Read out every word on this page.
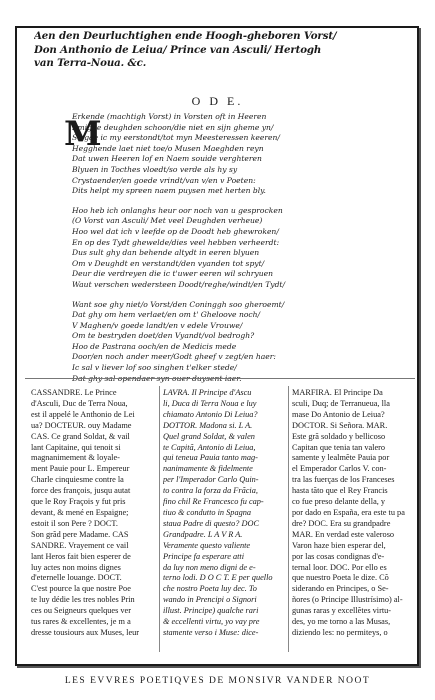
Aen den Deurluchtighen ende Hoogh-gheboren Vorst/
Don Anthonio de Leiua/ Prince van Asculi/ Hertogh
van Terra-Noua. &c.
O D E.
M
Erkende (machtigh Vorst) in Vorsten oft in Heeren
Emighe deughden schoon/die niet en sijn gheme yn/
So gae ic my eerstondt/tot myn Meesteressen keeren/
Hegghende laet niet toe/o Musen Maeghden reyn
Dat uwen Heeren lof en Naem souide verghteren
Blyuen in Tocthes vloedt/so verde als hy sy
Crystaender/en goede vrindt/van v/en v Poeten:
Dits helpt my spreen naem puysen met herten bly.
Hoo heb ich onlanghs heur oor noch van u gesprocken
(O Vorst van Asculi/ Met veel Deughden verheue)
Hoo wel dat ich v leefde op de Doodt heb ghewroken/
En op des Tydt ghewelde/dies veel hebben verheerdt:
Dus sult ghy dan behende altydt in eeren blyuen
Om v Deughdt en verstandt/den vyanden tot spyt/
Deur die verdreyen die ic t'uwer eeren wil schryuen
Waut verschen wedersteen Doodt/reghe/windt/en Tydt/
Want soe ghy niet/o Vorst/den Coninggh soo gheroemt/
Dat ghy om hem verlaet/en om t' Gheloove noch/
V Maghen/v goede landt/en v edele Vrouwe/
Om te bestryden doet/den Vyandt/vol bedrogh?
Hoo de Pastrana ooch/en de Medicis mede
Door/en noch ander meer/Godt gheef v zegt/en haer:
Ic sal v liever lof soo singhen t'elker stede/
CASSANDRE. Le Prince
d'Asculi, Duc de Terra Noua,
est il appelé le Anthonio de Lei
ua? DOCTEUR. ouy Madame
CAS. Ce grand Soldat, & vail
lant Capitaine, qui tenoit si
magnanimement & loyale-
ment Pauie pour L. Empereur
Charle cinquiesme contre la
force des françois, jusqu autat
que le Roy Fraçois y fut pris
devant, & mené en Espaigne;
estoit il son Pere ? DOCT.
Son grãd pere Madame. CAS
SANDRE. Vrayement ce vail
lant Heros fait bien esperer de
luy actes non moins dignes
d'eternelle louange. DOCT.
C'est pource la que nostre Poe
te luy dédie les tres nobles Prin
ces ou Seigneurs quelques ver
tus rares & excellentes, je m a
dresse tousiours aux Muses, leur
LAVRA. Il Principe d'Ascu
li, Duca di Terra Noua e luy
chiamato Antonio Di Leiua?
DOTTOR. Madona si. L A.
Quel grand Soldat, & valen
te Capitã, Antonio di Leiua,
qui teneua Pauia tanto mag-
nanimamente & fidelmente
per l'Imperador Carlo Quin-
to contra la forza da Frãcia,
fino chil Re Francesco fu cap-
tiuo & condutto in Spagna
staua Padre di questo? DOC
Grandpadre. L A V R A.
Veramente questo valiente
Principe fa esperare atti
da luy non meno digni de e-
terno lodi. D O C T. E per quello
che nostro Poeta luy dec. To
wando in Prencipi o Signori
illust. Principe) qualche rari
& eccellenti virtu, yo vay pre
stamente verso i Muse: dice-
MARFIRA. El Principe Da
sculi, Duq; de Terranueua, lla
mase Do Antonio de Leiua?
DOCTOR. Si Señora. MAR.
Este grã soldado y bellicoso
Capitan que tenia tan valero
samente y lealmẽte Pauia por
el Emperador Carlos V. con-
tra las fuerças de los Franceses
hasta tãto que el Rey Francis
co fue preso delante della, y
por dado en España, era este tu pa
dre? DOC. Era su grandpadre
MAR. En verdad este valeroso
Varon haze bien esperar del,
por las cosas condignas d'e-
ternal loor. DOC. Por ello es
que nuestro Poeta le dize. Cõ
siderando en Principes, o Se-
ñores (o Principe Illustrísimo) al-
gunas raras y excellẽtes virtu-
des, yo me torno a las Musas,
diziendo les: no permiteys, o
LES EVVRES POETIQVES DE MONSIVR VANDER NOOT
